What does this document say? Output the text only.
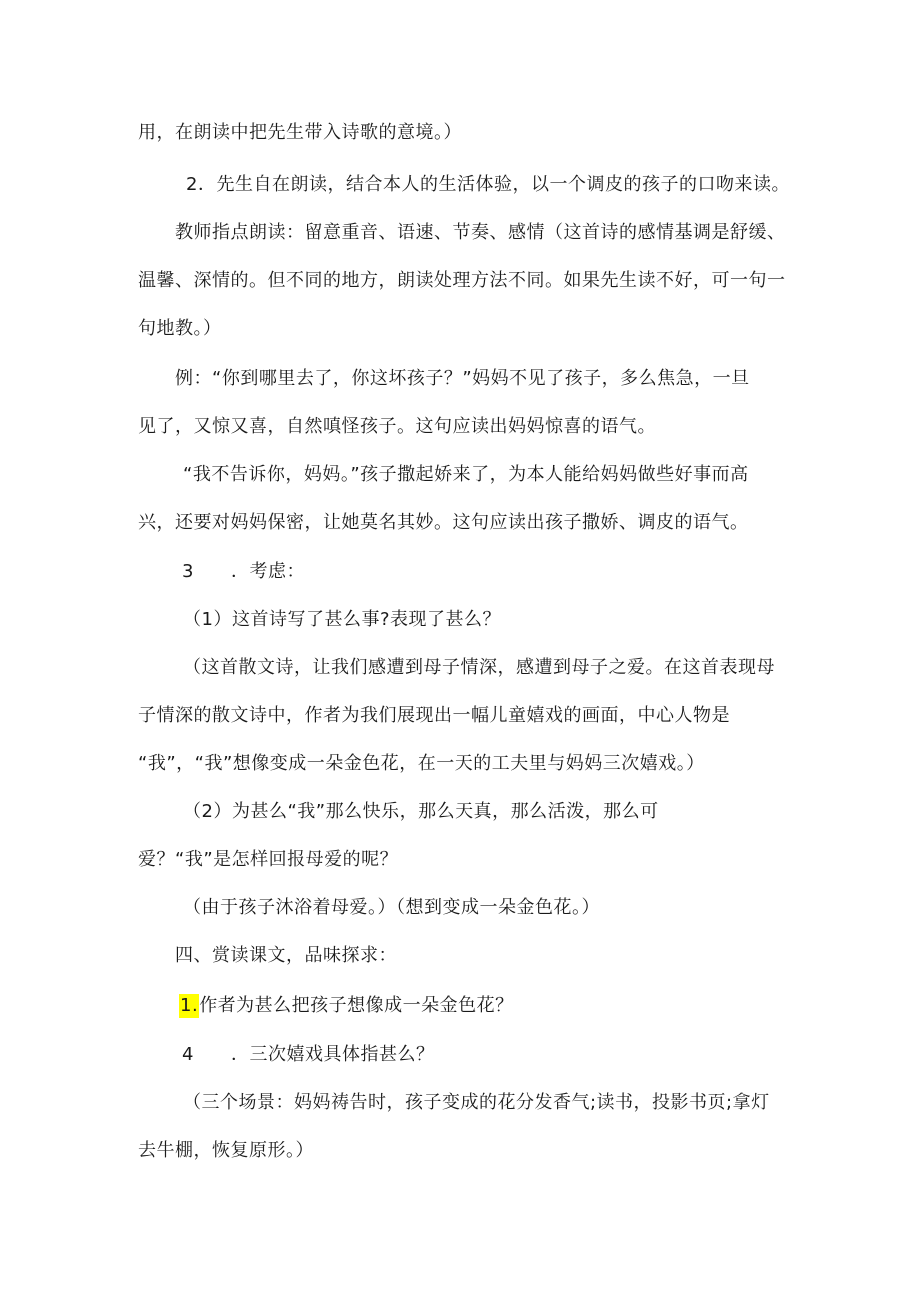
用，在朗读中把先生带入诗歌的意境。）
2．先生自在朗读，结合本人的生活体验，以一个调皮的孩子的口吻来读。
教师指点朗读：留意重音、语速、节奏、感情（这首诗的感情基调是舒缓、
温馨、深情的。但不同的地方，朗读处理方法不同。如果先生读不好，可一句一
句地教。）
例：“你到哪里去了，你这坏孩子？”妈妈不见了孩子，多么焦急，一旦
见了，又惊又喜，自然嗔怪孩子。这句应读出妈妈惊喜的语气。
“我不告诉你，妈妈。”孩子撒起娇来了，为本人能给妈妈做些好事而高
兴，还要对妈妈保密，让她莫名其妙。这句应读出孩子撒娇、调皮的语气。
3　　．考虑：
（1）这首诗写了甚么事?表现了甚么？
（这首散文诗，让我们感遭到母子情深，感遭到母子之爱。在这首表现母
子情深的散文诗中，作者为我们展现出一幅儿童嬉戏的画面，中心人物是
“我”，“我”想像变成一朵金色花，在一天的工夫里与妈妈三次嬉戏。）
（2）为甚么“我”那么快乐，那么天真，那么活泼，那么可
爱？“我”是怎样回报母爱的呢？
（由于孩子沐浴着母爱。）（想到变成一朵金色花。）
四、赏读课文，品味探求：
1.作者为甚么把孩子想像成一朵金色花？
4　　．三次嬉戏具体指甚么？
（三个场景：妈妈祷告时，孩子变成的花分发香气;读书，投影书页;拿灯
去牛棚，恢复原形。）
